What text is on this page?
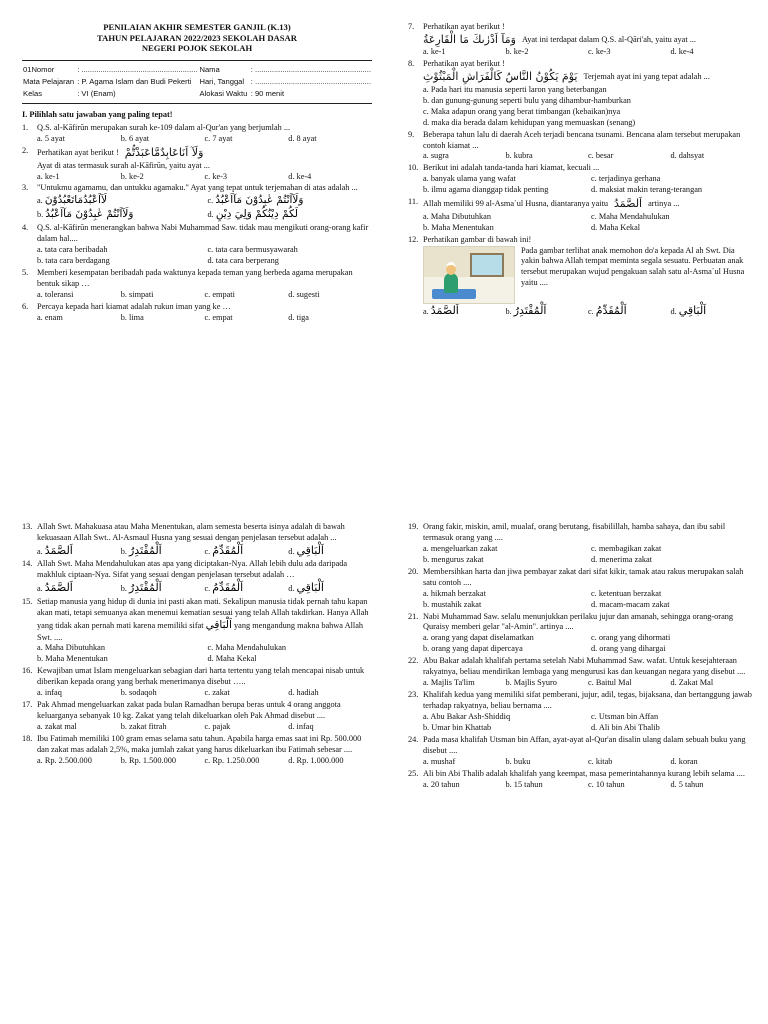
PENILAIAN AKHIR SEMESTER GANJIL (K.13)
TAHUN PELAJARAN 2022/2023 SEKOLAH DASAR
NEGERI POJOK SEKOLAH
01Nomor	: .......................................................	Nama	: .......................................................
Mata Pelajaran	: P. Agama Islam dan Budi Pekerti	Hari, Tanggal	: .......................................................
Kelas	: VI (Enam)	Alokasi Waktu	: 90 menit
I. Pilihlah satu jawaban yang paling tepat!
1.	Q.S. al-Kāfirūn merupakan surah ke-109 dalam al-Qur'an yang berjumlah ...
a. 5 ayat	b. 6 ayat	c. 7 ayat	d. 8 ayat
2.	Perhatikan ayat berikut ! وَلَآ اَنَاعَابِدٌمَّاعَبَدْتُّمْ
Ayat di atas termasuk surah al-Kāfirūn, yaitu ayat ...
a. ke-1	b. ke-2	c. ke-3	d. ke-4
3.	"Untukmu agamamu, dan untukku agamaku." Ayat yang tepat untuk terjemahan di atas adalah ...
a. لَآاَعْبُدُمَاتَعْبُدُوْنَ	c. وَلَآاَنْتُمْ عٰبِدُوْنَ مَآاَعْبُدُ
b. وَلَآاَنْتُمْ عٰبِدُوْنَ مَآاَعْبُدُ	d. لَكُمْ دِيْنُكُمْ وَلِيَ دِيْنِ
4.	Q.S. al-Kāfirūn menerangkan bahwa Nabi Muhammad Saw. tidak mau mengikuti orang-orang kafir dalam hal....
a. tata cara beribadah	c. tata cara bermusyawarah
b. tata cara berdagang	d. tata cara berperang
5.	Memberi kesempatan beribadah pada waktunya kepada teman yang berbeda agama merupakan bentuk sikap …
a. toleransi	b. simpati	c. empati	d. sugesti
6.	Percaya kepada hari kiamat adalah rukun iman yang ke …
a. enam	b. lima	c. empat	d. tiga
7.	Perhatikan ayat berikut !
وَمَآ اَدْرٰىكَ مَا الْقَارِعَةُ Ayat ini terdapat dalam Q.S. al-Qāri'ah, yaitu ayat ...
a. ke-1	b. ke-2	c. ke-3	d. ke-4
8.	Perhatikan ayat berikut !
يَوْمَ يَكُوْنُ النَّاسُ كَالْفَرَاشِ الْمَبْثُوْثِ Terjemah ayat ini yang tepat adalah ...
a. Pada hari itu manusia seperti laron yang beterbangan
b. dan gunung-gunung seperti bulu yang dihambur-hamburkan
c. Maka adapun orang yang berat timbangan (kebaikan)nya
d. maka dia berada dalam kehidupan yang memuaskan (senang)
9.	Beberapa tahun lalu di daerah Aceh terjadi bencana tsunami. Bencana alam tersebut merupakan contoh kiamat ...
a. sugra	b. kubra	c. besar	d. dahsyat
10. Berikut ini adalah tanda-tanda hari kiamat, kecuali ...
a. banyak ulama yang wafat	c. terjadinya gerhana
b. ilmu agama dianggap tidak penting	d. maksiat makin terang-terangan
11. Allah memiliki 99 al-Asma`ul Husna, diantaranya yaitu اَلصَّمَدُ artinya ...
a. Maha Dibutuhkan	c. Maha Mendahulukan
b. Maha Menentukan	d. Maha Kekal
12. Perhatikan gambar di bawah ini!
Pada gambar terlihat anak memohon do'a kepada Al ah Swt. Dia yakin bahwa Allah tempat meminta segala sesuatu. Perbuatan anak tersebut merupakan wujud pengakuan salah satu al-Asma`ul Husna yaitu ....
a. اَلصَّمَدُ	b. اَلْمُقْتَدِرُ	c. اَلْمُقَدِّمُ	d. اَلْبَاقِي
13. Allah Swt. Mahakuasa atau Maha Menentukan, alam semesta beserta isinya adalah di bawah kekuasaan Allah Swt.. Al-Asmaul Husna yang sesuai dengan penjelasan tersebut adalah ...
a. اَلصَّمَدُ	b. اَلْمُقْتَدِرُ	c. اَلْمُقَدِّمُ	d. اَلْبَاقِي
14. Allah Swt. Maha Mendahulukan atas apa yang diciptakan-Nya. Allah lebih dulu ada daripada makhluk ciptaan-Nya. Sifat yang sesuai dengan penjelasan tersebut adalah …
a. اَلصَّمَدُ	b. اَلْمُقْتَدِرُ	c. اَلْمُقَدِّمُ	d. اَلْبَاقِي
15. Setiap manusia yang hidup di dunia ini pasti akan mati. Sekalipun manusia tidak pernah tahu kapan akan mati, tetapi semuanya akan menemui kematian sesuai yang telah Allah takdirkan. Hanya Allah yang tidak akan pernah mati karena memiliki sifat اَلْبَاقِي yang mengandung makna bahwa Allah Swt. ....
a. Maha Dibutuhkan	c. Maha Mendahulukan
b. Maha Menentukan	d. Maha Kekal
16. Kewajiban umat Islam mengeluarkan sebagian dari harta tertentu yang telah mencapai nisab untuk diberikan kepada orang yang berhak menerimanya disebut …..
a. infaq	b. sodaqoh	c. zakat	d. hadiah
17. Pak Ahmad mengeluarkan zakat pada bulan Ramadhan berupa beras untuk 4 orang anggota keluarganya sebanyak 10 kg. Zakat yang telah dikeluarkan oleh Pak Ahmad disebut ....
a. zakat mal	b. zakat fitrah	c. pajak	d. infaq
18. Ibu Fatimah memiliki 100 gram emas selama satu tahun. Apabila harga emas saat ini Rp. 500.000 dan zakat mas adalah 2,5%, maka jumlah zakat yang harus dikeluarkan ibu Fatimah sebesar ....
a. Rp. 2.500.000	b. Rp. 1.500.000	c. Rp. 1.250.000	d. Rp. 1.000.000
19. Orang fakir, miskin, amil, mualaf, orang berutang, fisabilillah, hamba sahaya, dan ibu sabil termasuk orang yang ....
a. mengeluarkan zakat	c. membagikan zakat
b. mengurus zakat	d. menerima zakat
20. Membersihkan harta dan jiwa pembayar zakat dari sifat kikir, tamak atau rakus merupakan salah satu contoh ....
a. hikmah berzakat	c. ketentuan berzakat
b. mustahik zakat	d. macam-macam zakat
21. Nabi Muhammad Saw. selalu menunjukkan perilaku jujur dan amanah, sehingga orang-orang Quraisy memberi gelar "al-Amin". artinya ....
a. orang yang dapat diselamatkan	c. orang yang dihormati
b. orang yang dapat dipercaya	d. orang yang dihargai
22. Abu Bakar adalah khalifah pertama setelah Nabi Muhammad Saw. wafat. Untuk kesejahteraan rakyatnya, beliau mendirikan lembaga yang mengurusi kas dan keuangan negara yang disebut ....
a. Majlis Ta'lim	b. Majlis Syuro	c. Baitul Mal	d. Zakat Mal
23. Khalifah kedua yang memiliki sifat pemberani, jujur, adil, tegas, bijaksana, dan bertanggung jawab terhadap rakyatnya, beliau bernama ....
a. Abu Bakar Ash-Shiddiq	c. Utsman bin Affan
b. Umar bin Khattab	d. Ali bin Abi Thalib
24. Pada masa khalifah Utsman bin Affan, ayat-ayat al-Qur'an disalin ulang dalam sebuah buku yang disebut ....
a. mushaf	b. buku	c. kitab	d. koran
25. Ali bin Abi Thalib adalah khalifah yang keempat, masa pemerintahannya kurang lebih selama ....
a. 20 tahun	b. 15 tahun	c. 10 tahun	d. 5 tahun
